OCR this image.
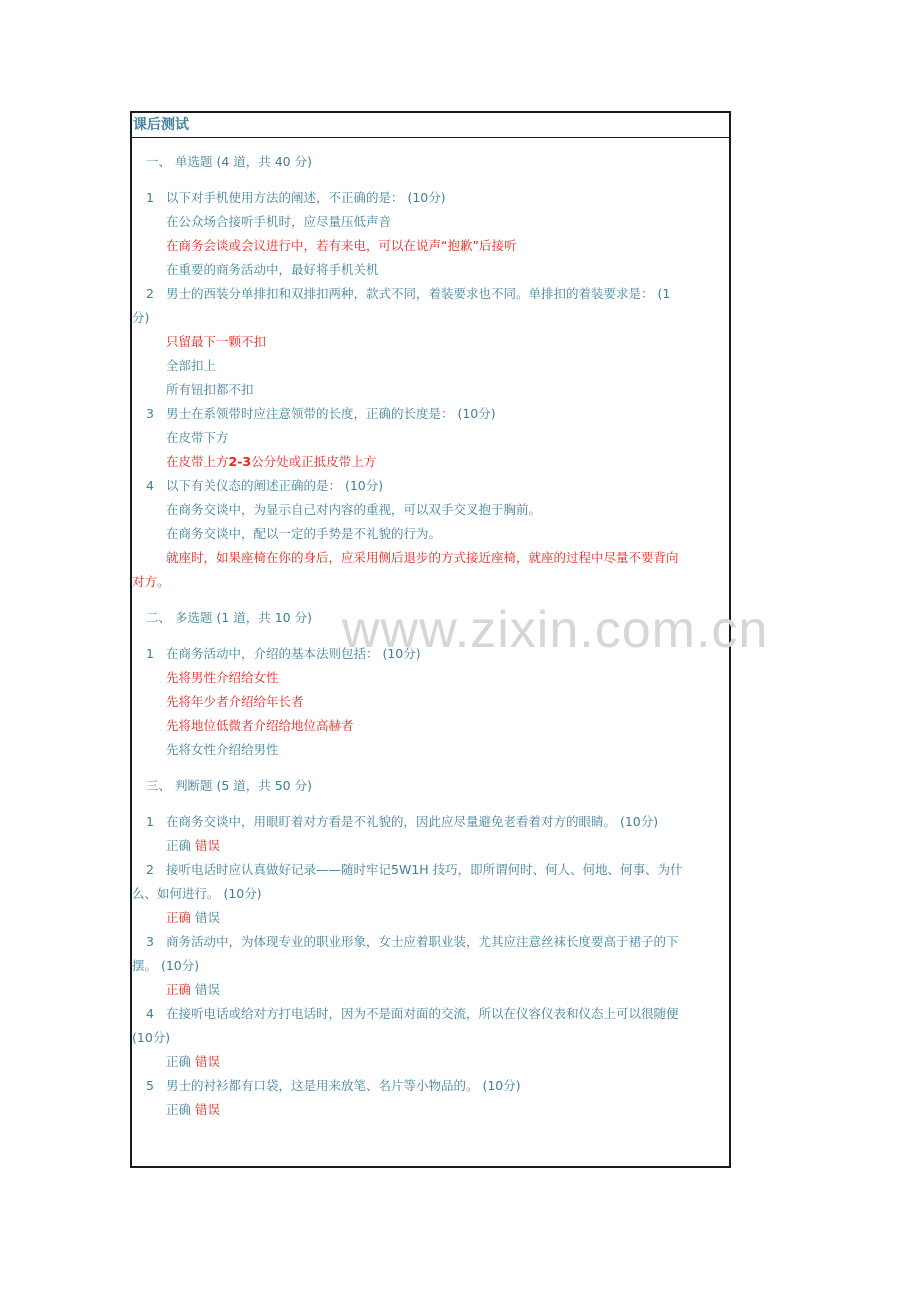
课后测试
一、 单选题 (4 道，共 40 分)
1 以下对手机使用方法的阐述，不正确的是： (10分)
在公众场合接听手机时，应尽量压低声音
在商务会谈或会议进行中，若有来电，可以在说声“抱歉”后接听
在重要的商务活动中，最好将手机关机
2 男士的西装分单排扣和双排扣两种，款式不同，着装要求也不同。单排扣的着装要求是： (1
分)
只留最下一颗不扣
全部扣上
所有钮扣都不扣
3 男士在系领带时应注意领带的长度，正确的长度是： (10分)
在皮带下方
在皮带上方2-3公分处或正抵皮带上方
4 以下有关仪态的阐述正确的是： (10分)
在商务交谈中，为显示自己对内容的重视，可以双手交叉抱于胸前。
在商务交谈中，配以一定的手势是不礼貌的行为。
就座时，如果座椅在你的身后，应采用侧后退步的方式接近座椅，就座的过程中尽量不要背向
对方。
二、 多选题 (1 道，共 10 分)
1 在商务活动中，介绍的基本法则包括： (10分)
先将男性介绍给女性
先将年少者介绍给年长者
先将地位低微者介绍给地位高赫者
先将女性介绍给男性
三、 判断题 (5 道，共 50 分)
1 在商务交谈中，用眼盯着对方看是不礼貌的，因此应尽量避免老看着对方的眼睛。 (10分)
正确 错误
2 接听电话时应认真做好记录——随时牢记5W1H 技巧，即所谓何时、何人、何地、何事、为什
么、如何进行。 (10分)
正确 错误
3 商务活动中，为体现专业的职业形象，女士应着职业装，尤其应注意丝袜长度要高于裙子的下
摆。 (10分)
正确 错误
4 在接听电话或给对方打电话时，因为不是面对面的交流，所以在仪容仪表和仪态上可以很随便
(10分)
正确 错误
5 男士的衬衫都有口袋，这是用来放笔、名片等小物品的。 (10分)
正确 错误
www.zixin.com.cn
